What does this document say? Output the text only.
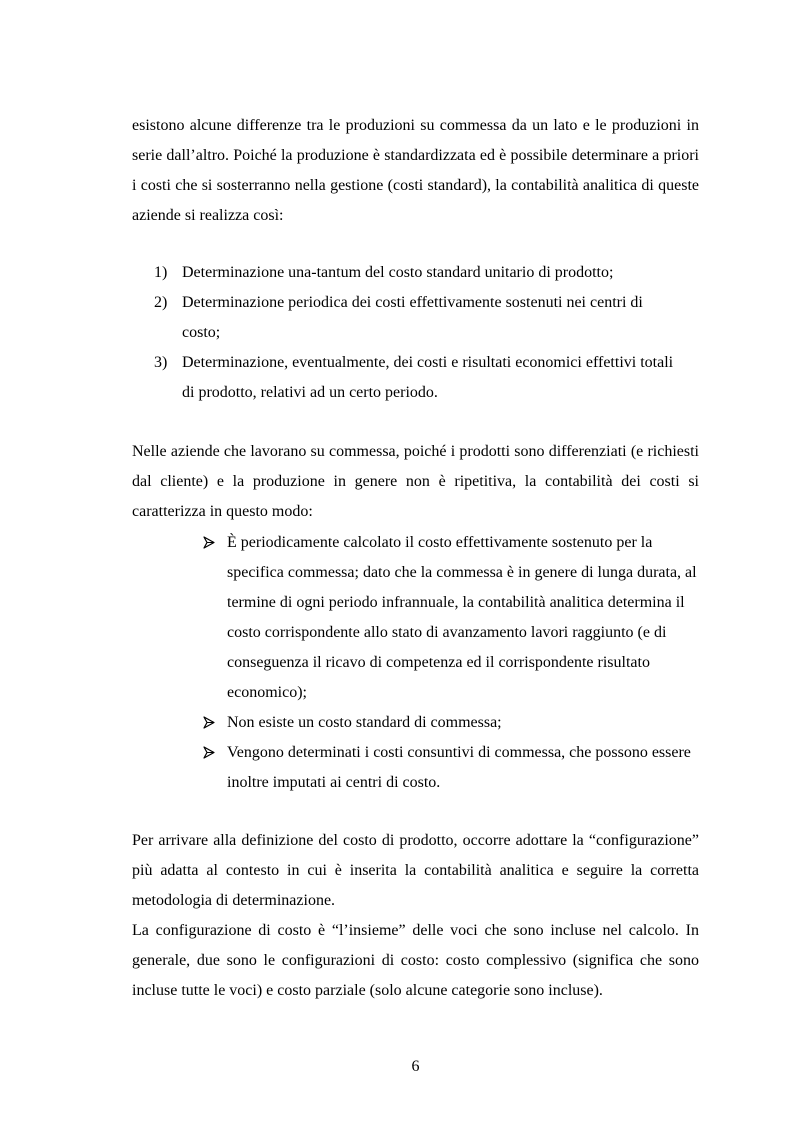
esistono alcune differenze tra le produzioni su commessa da un lato e le produzioni in serie dall’altro. Poiché la produzione è standardizzata ed è possibile determinare a priori i costi che si sosterranno nella gestione (costi standard), la contabilità analitica di queste aziende si realizza così:

1) Determinazione una-tantum del costo standard unitario di prodotto;
2) Determinazione periodica dei costi effettivamente sostenuti nei centri di costo;
3) Determinazione, eventualmente, dei costi e risultati economici effettivi totali di prodotto, relativi ad un certo periodo.

Nelle aziende che lavorano su commessa, poiché i prodotti sono differenziati (e richiesti dal cliente) e la produzione in genere non è ripetitiva, la contabilità dei costi si caratterizza in questo modo:

È periodicamente calcolato il costo effettivamente sostenuto per la specifica commessa; dato che la commessa è in genere di lunga durata, al termine di ogni periodo infrannuale, la contabilità analitica determina il costo corrispondente allo stato di avanzamento lavori raggiunto (e di conseguenza il ricavo di competenza ed il corrispondente risultato economico);
Non esiste un costo standard di commessa;
Vengono determinati i costi consuntivi di commessa, che possono essere inoltre imputati ai centri di costo.

Per arrivare alla definizione del costo di prodotto, occorre adottare la “configurazione” più adatta al contesto in cui è inserita la contabilità analitica e seguire la corretta metodologia di determinazione.

La configurazione di costo è “l’insieme” delle voci che sono incluse nel calcolo. In generale, due sono le configurazioni di costo: costo complessivo (significa che sono incluse tutte le voci) e costo parziale (solo alcune categorie sono incluse).

6
